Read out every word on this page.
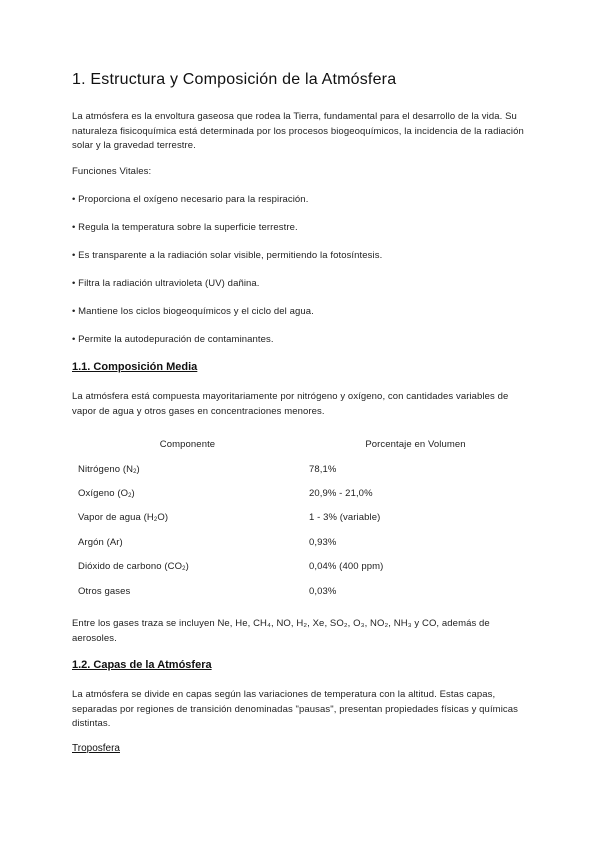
1. Estructura y Composición de la Atmósfera

La atmósfera es la envoltura gaseosa que rodea la Tierra, fundamental para el desarrollo de la vida. Su naturaleza fisicoquímica está determinada por los procesos biogeoquímicos, la incidencia de la radiación solar y la gravedad terrestre.

Funciones Vitales:

• Proporciona el oxígeno necesario para la respiración.

• Regula la temperatura sobre la superficie terrestre.

• Es transparente a la radiación solar visible, permitiendo la fotosíntesis.

• Filtra la radiación ultravioleta (UV) dañina.

• Mantiene los ciclos biogeoquímicos y el ciclo del agua.

• Permite la autodepuración de contaminantes.

1.1. Composición Media

La atmósfera está compuesta mayoritariamente por nitrógeno y oxígeno, con cantidades variables de vapor de agua y otros gases en concentraciones menores.

Componente	Porcentaje en Volumen
Nitrógeno $(N_2)$	78,1%
Oxígeno $(O_2)$	20,9% - 21,0%
Vapor de agua $(H_2O)$	1 - 3% (variable)
Argón (Ar)	0,93%
Dióxido de carbono $(CO_2)$	0,04% (400 ppm)
Otros gases	0,03%

Entre los gases traza se incluyen Ne, He, CH₄, NO, H₂, Xe, SO₂, O₃, NO₂, NH₃ y CO, además de aerosoles.

1.2. Capas de la Atmósfera

La atmósfera se divide en capas según las variaciones de temperatura con la altitud. Estas capas, separadas por regiones de transición denominadas "pausas", presentan propiedades físicas y químicas distintas.

Troposfera
